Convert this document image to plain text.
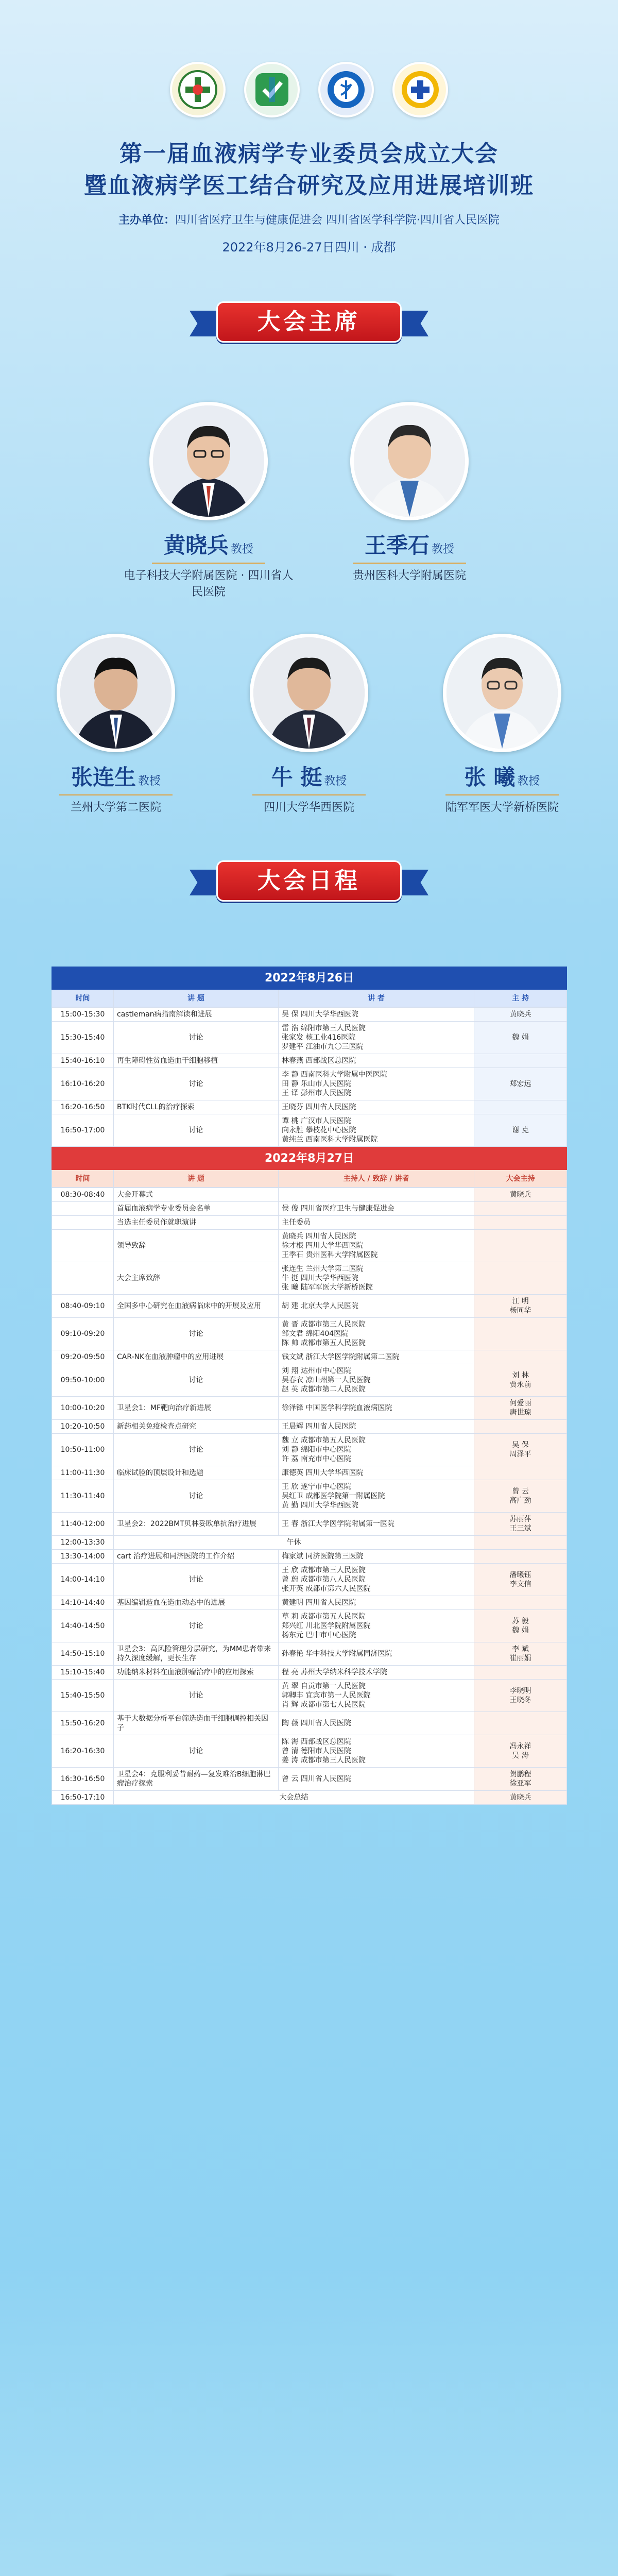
第一届血液病学专业委员会成立大会
暨血液病学医工结合研究及应用进展培训班
主办单位：四川省医疗卫生与健康促进会 四川省医学科学院·四川省人民医院
2022年8月26-27日四川 · 成都
大会主席
黄晓兵 教授
电子科技大学附属医院 · 四川省人民医院
王季石 教授
贵州医科大学附属医院
张连生 教授
兰州大学第二医院
牛 挺 教授
四川大学华西医院
张 曦 教授
陆军军医大学新桥医院
大会日程
2022年8月26日
时间	讲 题	讲 者	主 持
15:00-15:30	castleman病指南解读和进展	吴 保 四川大学华西医院	黄晓兵
15:30-15:40	讨论	雷 浩 绵阳市第三人民医院
张家发 核工业416医院
罗建平 江油市九〇三医院	魏 娟
15:40-16:10	再生障碍性贫血造血干细胞移植	林春燕 西部战区总医院	
16:10-16:20	讨论	李 静 西南医科大学附属中医医院
田 静 乐山市人民医院
王 译 彭州市人民医院	郑宏远
16:20-16:50	BTK时代CLL的治疗探索	王晓芬 四川省人民医院	
16:50-17:00	讨论	谭 桃 广汉市人民医院
向永胜 攀枝花中心医院
黄纯兰 西南医科大学附属医院	谢 克
2022年8月27日
时间	讲 题	主持人 / 致辞 / 讲者	大会主持
08:30-08:40	大会开幕式		黄晓兵
	首届血液病学专业委员会名单	侯 俊 四川省医疗卫生与健康促进会	
	当选主任委员作就职演讲	主任委员	
	领导致辞	黄晓兵 四川省人民医院
徐才根 四川大学华西医院
王季石 贵州医科大学附属医院	
	大会主席致辞	张连生 兰州大学第二医院
牛 挺 四川大学华西医院
张 曦 陆军军医大学新桥医院	
08:40-09:10	全国多中心研究在血液病临床中的开展及应用	胡 建 北京大学人民医院	江 明
杨同华
09:10-09:20	讨论	黄 晋 成都市第三人民医院
邹文君 绵阳404医院
陈 帅 成都市第五人民医院	
09:20-09:50	CAR-NK在血液肿瘤中的应用进展	钱文斌 浙江大学医学院附属第二医院	
09:50-10:00	讨论	刘 翔 达州市中心医院
吴春衣 凉山州第一人民医院
赵 英 成都市第二人民医院	刘 林
贾永前
10:00-10:20	卫星会1：MF靶向治疗新进展	徐泽锋 中国医学科学院血液病医院	何爱丽
唐世琼
10:20-10:50	新药相关免疫检查点研究	王晨辉 四川省人民医院	
10:50-11:00	讨论	魏 立 成都市第五人民医院
刘 静 绵阳市中心医院
许 荔 南充市中心医院	吴 保
周泽平
11:00-11:30	临床试验的顶层设计和选题	康德英 四川大学华西医院	
11:30-11:40	讨论	王 欣 遂宁市中心医院
吴红卫 成都医学院第一附属医院
黄 勤 四川大学华西医院	曾 云
高广劲
11:40-12:00	卫星会2：2022BMT贝林妥欧单抗治疗进展	王 春 浙江大学医学院附属第一医院	苏丽萍
王三斌
12:00-13:30	午休		
13:30-14:00	cart 治疗进展和同济医院的工作介绍	梅家斌 同济医院第三医院	
14:00-14:10	讨论	王 欣 成都市第三人民医院
曾 蔚 成都市第八人民医院
张开英 成都市第六人民医院	潘曦钰
李文信
14:10-14:40	基因编辑造血在造血动态中的进展	黄建明 四川省人民医院	
14:40-14:50	讨论	草 莉 成都市第五人民医院
郑兴红 川北医学院附属医院
杨东元 巴中市中心医院	苏 毅
魏 娟
14:50-15:10	卫星会3：高风险管理分层研究，为MM患者带来持久深度缓解，更长生存	孙春艳 华中科技大学附属同济医院	李 斌
崔丽娟
15:10-15:40	功能纳米材料在血液肿瘤治疗中的应用探索	程 亮 苏州大学纳米科学技术学院	
15:40-15:50	讨论	黄 翠 自贡市第一人民医院
郭卿丰 宜宾市第一人民医院
肖 辉 成都市第七人民医院	李晓明
王晓冬
15:50-16:20	基于大数据分析平台筛选造血干细胞调控相关因子	陶 薇 四川省人民医院	
16:20-16:30	讨论	陈 海 西部战区总医院
曾 清 德阳市人民医院
姜 涛 成都市第三人民医院	冯永祥
吴 涛
16:30-16:50	卫星会4：克服利妥昔耐药—复发难治B细胞淋巴瘤治疗探索	曾 云 四川省人民医院	贺鹏程
徐亚军
16:50-17:10	大会总结		黄晓兵
